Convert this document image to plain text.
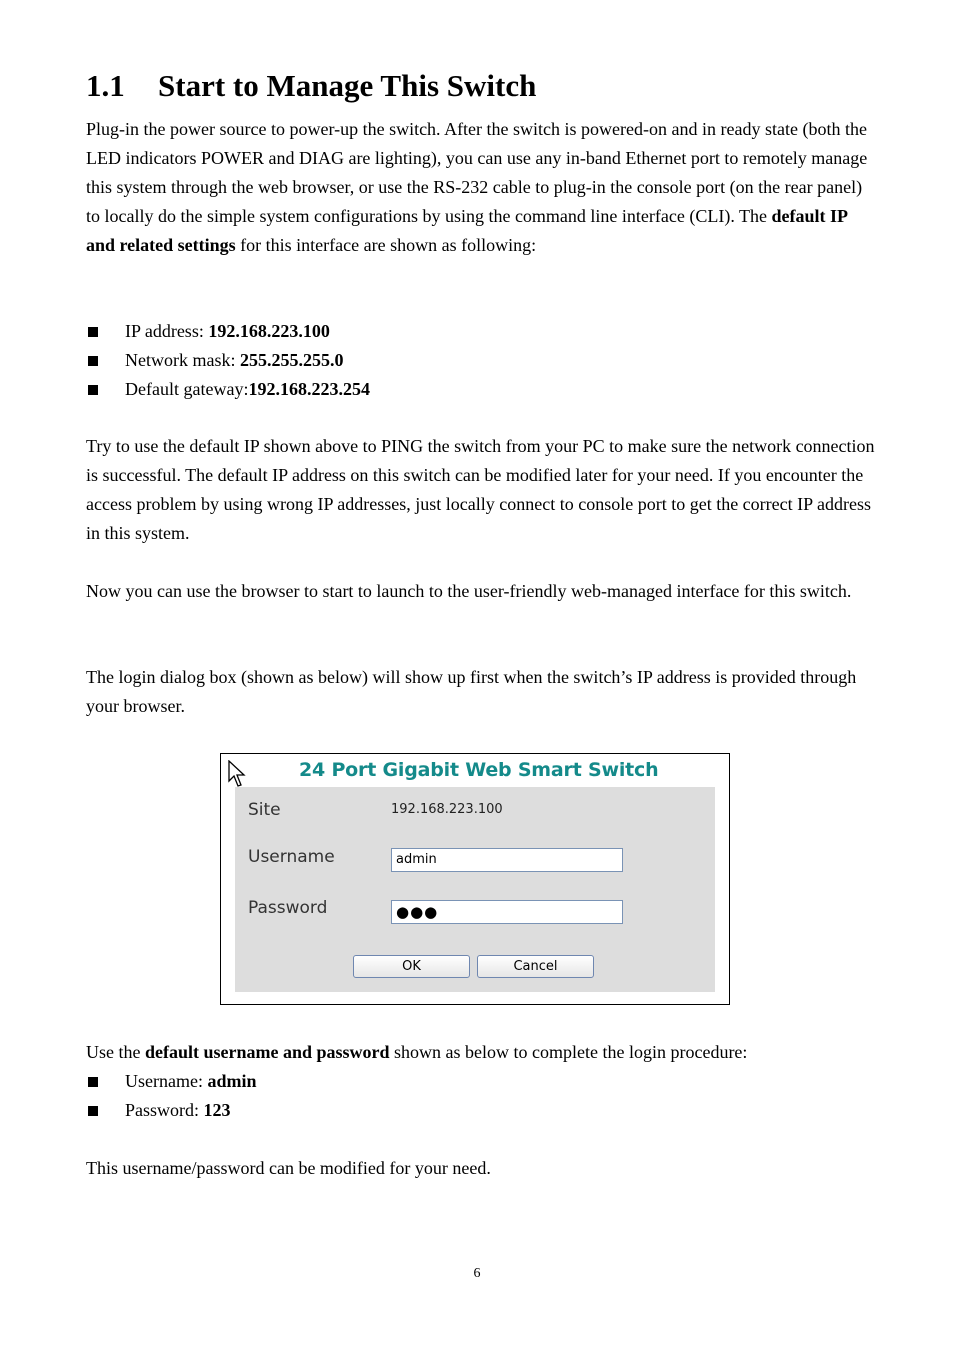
1.1 Start to Manage This Switch

Plug-in the power source to power-up the switch. After the switch is powered-on and in ready state (both the LED indicators POWER and DIAG are lighting), you can use any in-band Ethernet port to remotely manage this system through the web browser, or use the RS-232 cable to plug-in the console port (on the rear panel) to locally do the simple system configurations by using the command line interface (CLI). The default IP and related settings for this interface are shown as following:

IP address: 192.168.223.100
Network mask: 255.255.255.0
Default gateway:192.168.223.254

Try to use the default IP shown above to PING the switch from your PC to make sure the network connection is successful. The default IP address on this switch can be modified later for your need. If you encounter the access problem by using wrong IP addresses, just locally connect to console port to get the correct IP address in this system.

Now you can use the browser to start to launch to the user-friendly web-managed interface for this switch.

The login dialog box (shown as below) will show up first when the switch’s IP address is provided through your browser.

24 Port Gigabit Web Smart Switch
Site	192.168.223.100
Username	admin
Password	●●●
OK	Cancel

Use the default username and password shown as below to complete the login procedure:

Username: admin
Password: 123

This username/password can be modified for your need.

6
